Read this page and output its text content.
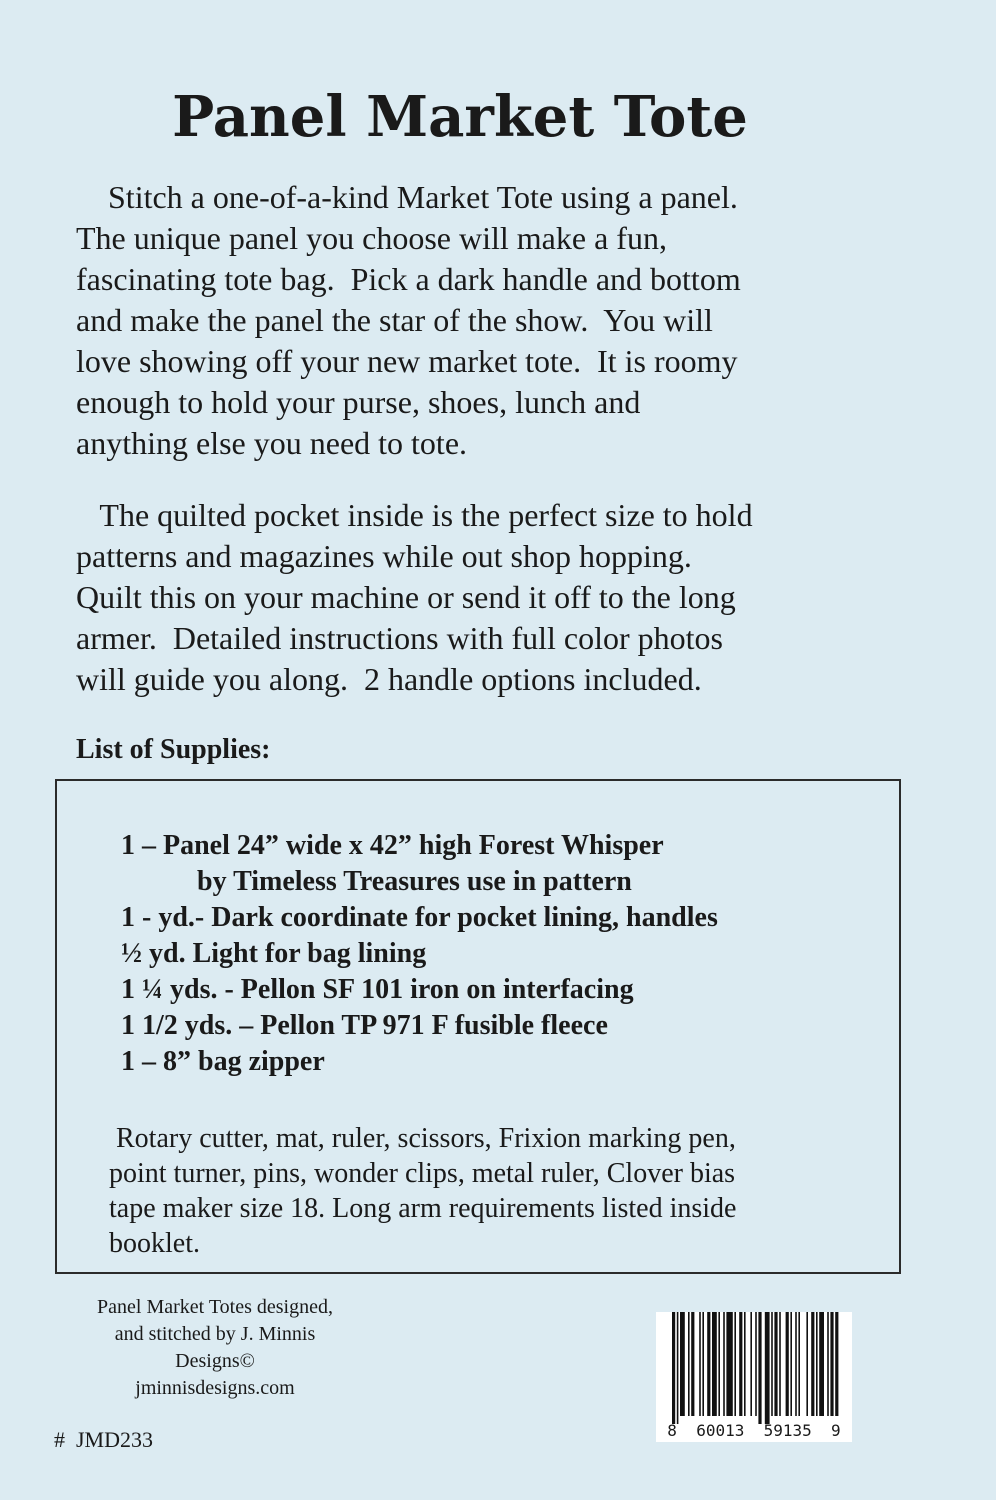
Panel Market Tote

Stitch a one-of-a-kind Market Tote using a panel.
The unique panel you choose will make a fun,
fascinating tote bag.  Pick a dark handle and bottom
and make the panel the star of the show.  You will
love showing off your new market tote.  It is roomy
enough to hold your purse, shoes, lunch and
anything else you need to tote.

The quilted pocket inside is the perfect size to hold
patterns and magazines while out shop hopping.
Quilt this on your machine or send it off to the long
armer.  Detailed instructions with full color photos
will guide you along.  2 handle options included.

List of Supplies:
1 – Panel 24” wide x 42” high Forest Whisper
by Timeless Treasures use in pattern
1 - yd.- Dark coordinate for pocket lining, handles
½ yd. Light for bag lining
1 ¼ yds. - Pellon SF 101 iron on interfacing
1 1/2 yds. – Pellon TP 971 F fusible fleece
1 – 8” bag zipper

Rotary cutter, mat, ruler, scissors, Frixion marking pen,
point turner, pins, wonder clips, metal ruler, Clover bias
tape maker size 18. Long arm requirements listed inside
booklet.

Panel Market Totes designed,
and stitched by J. Minnis
Designs©
jminnisdesigns.com

#  JMD233	8  60013  59135  9
